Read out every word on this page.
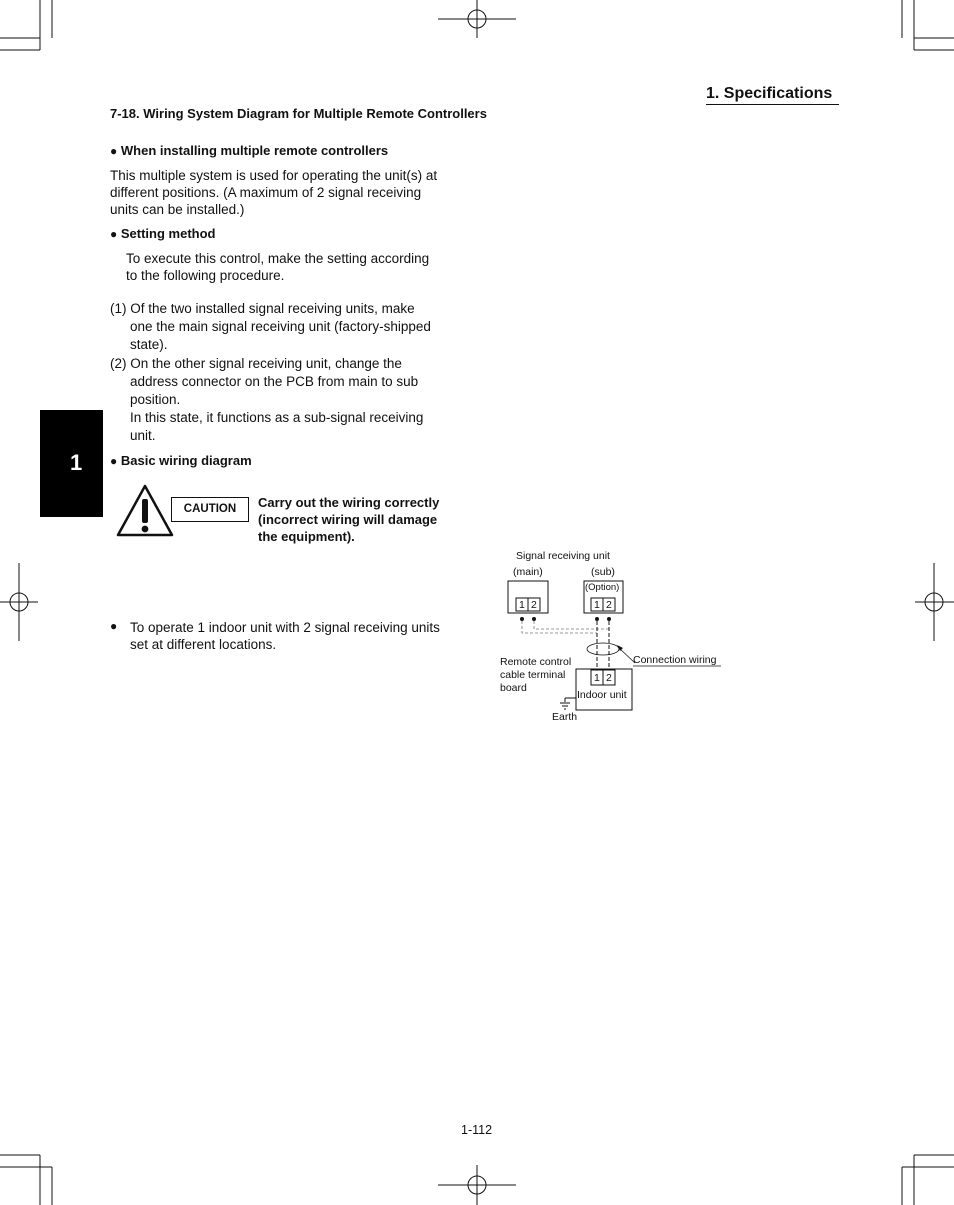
1. Specifications
7-18. Wiring System Diagram for Multiple Remote Controllers
1
● When installing multiple remote controllers
This multiple system is used for operating the unit(s) at
different positions. (A maximum of 2 signal receiving
units can be installed.)
● Setting method
To execute this control, make the setting according
to the following procedure.
(1) Of the two installed signal receiving units, make
one the main signal receiving unit (factory-shipped
state).
(2) On the other signal receiving unit, change the
address connector on the PCB from main to sub
position.
In this state, it functions as a sub-signal receiving
unit.
● Basic wiring diagram
CAUTION	Carry out the wiring correctly
(incorrect wiring will damage
the equipment).
● To operate 1 indoor unit with 2 signal receiving units
set at different locations.
Signal receiving unit
(main)	(sub)
(Option)
1 2	1 2
1 2
Remote control
cable terminal
board
Connection wiring
Indoor unit
Earth
1-112
